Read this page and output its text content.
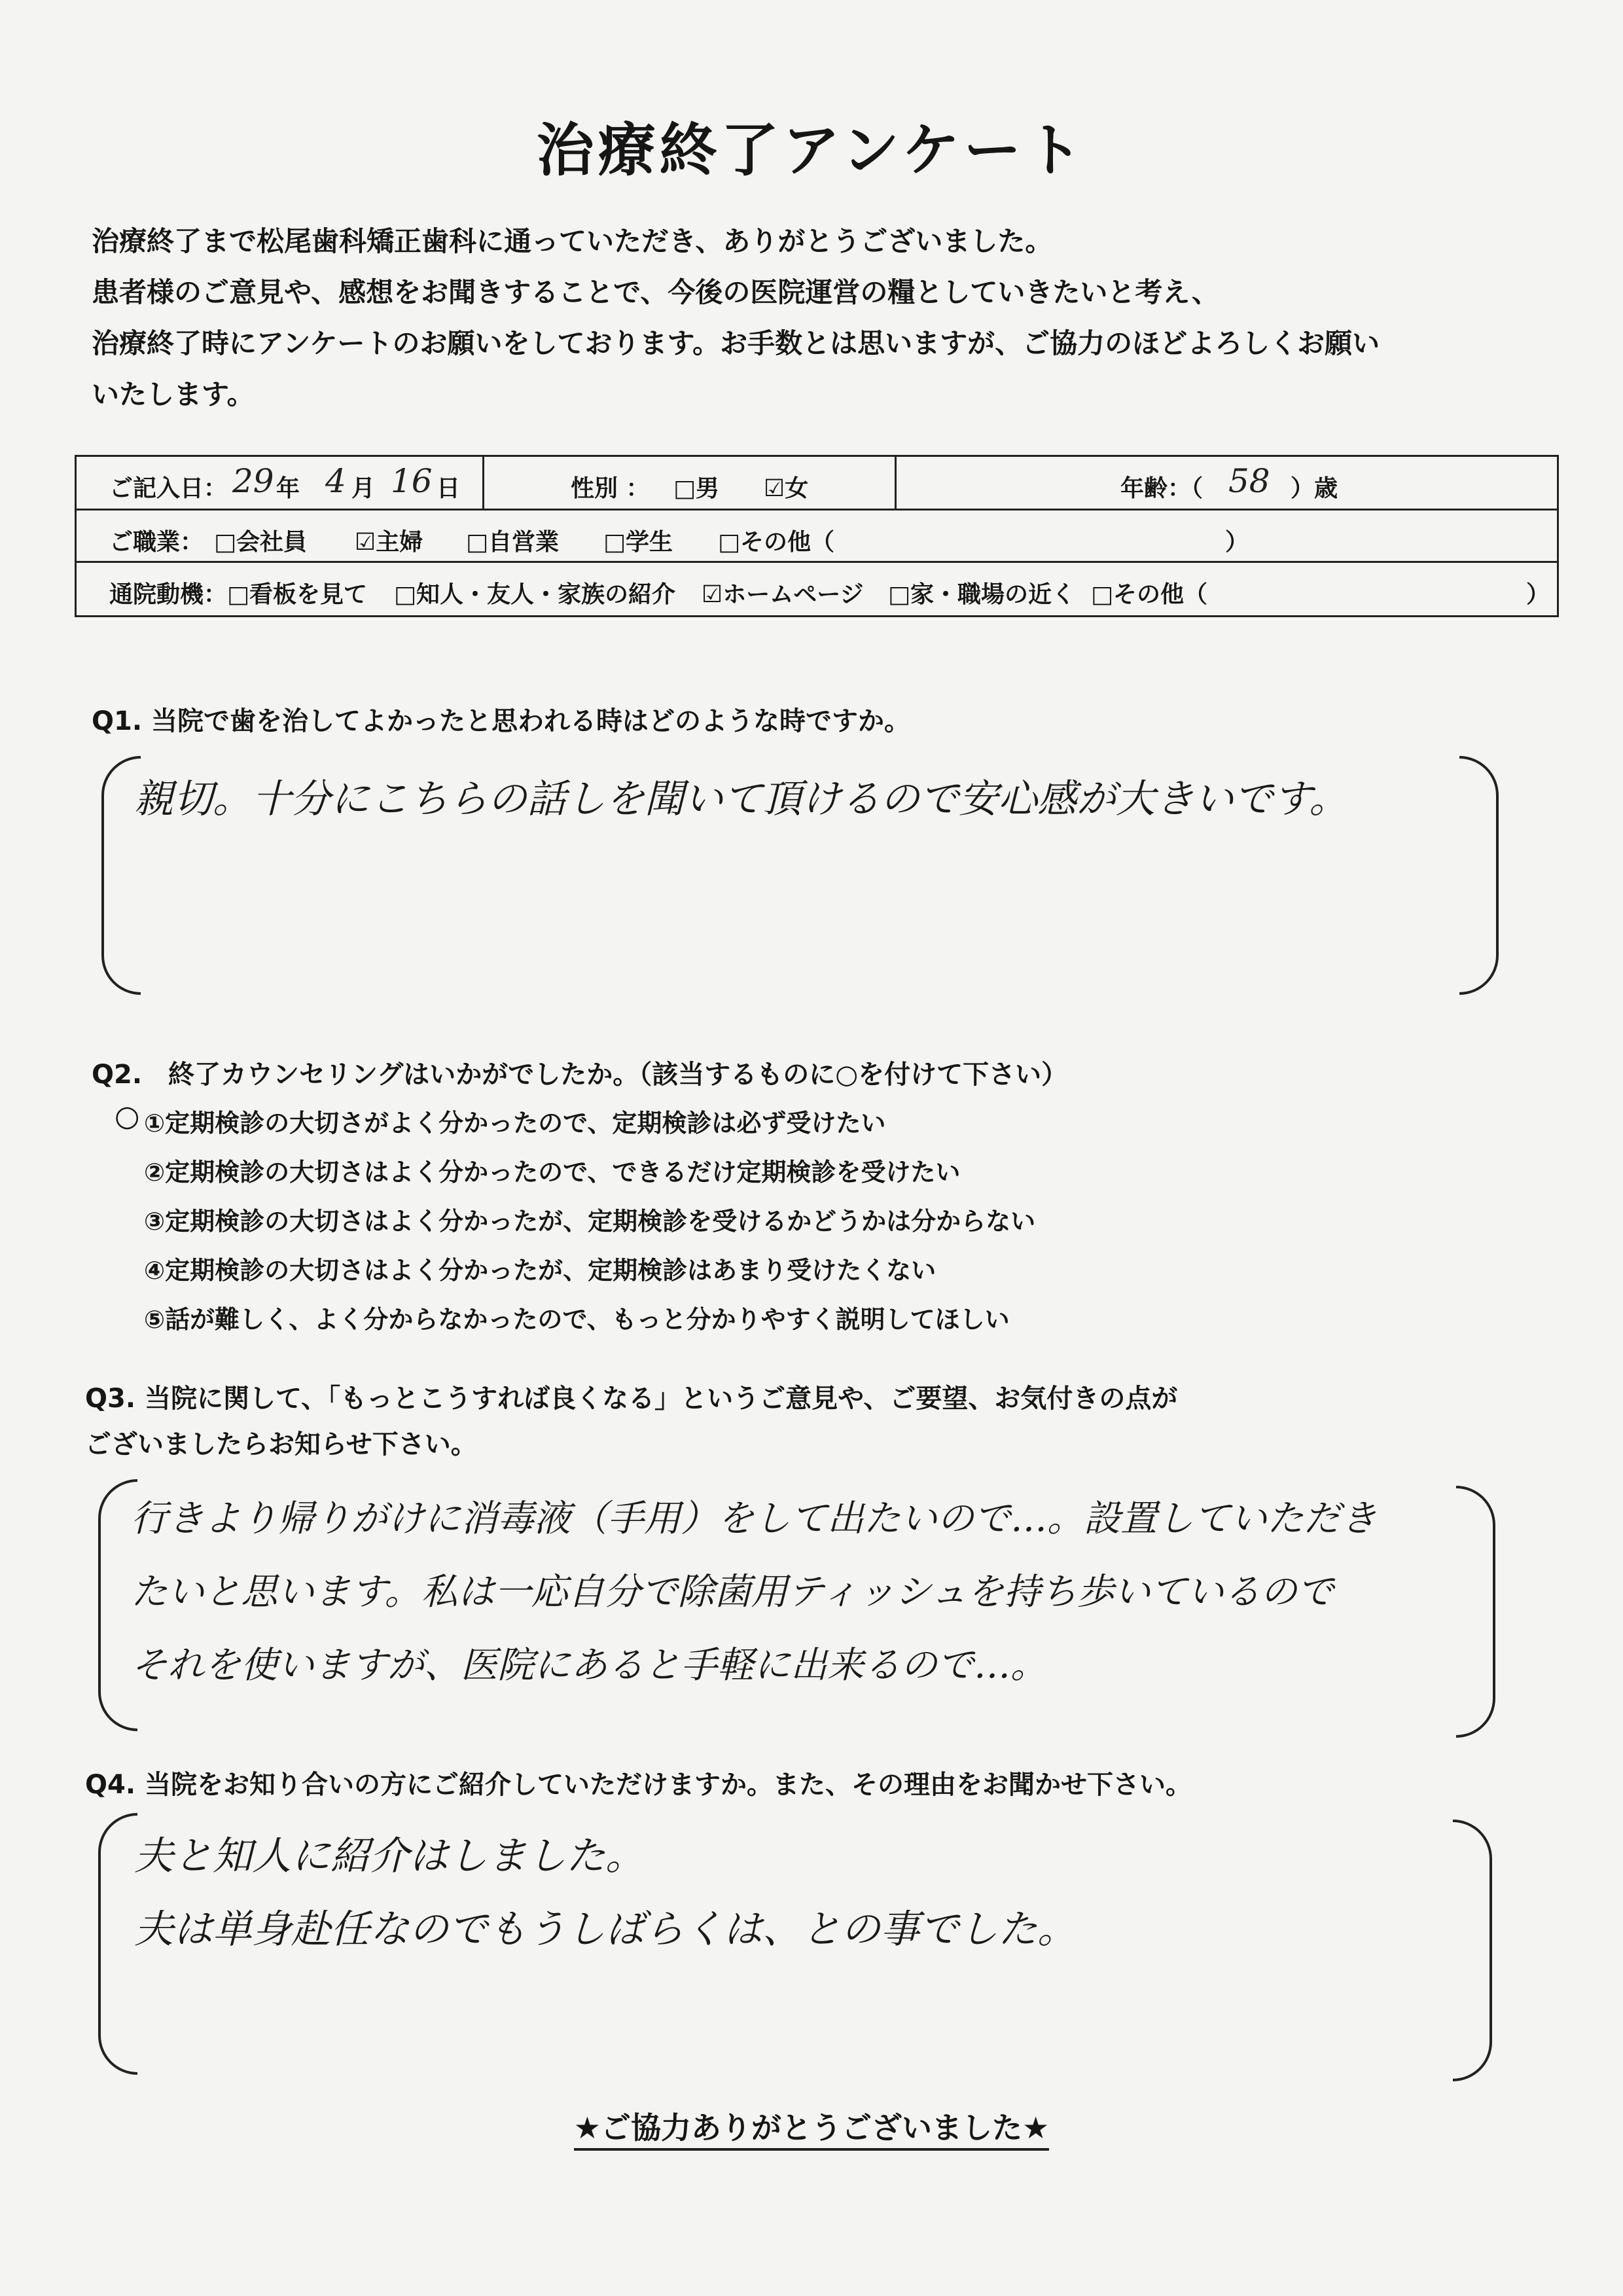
治療終了アンケート
治療終了まで松尾歯科矯正歯科に通っていただき、ありがとうございました。
患者様のご意見や、感想をお聞きすることで、今後の医院運営の糧としていきたいと考え、
治療終了時にアンケートのお願いをしております。お手数とは思いますが、ご協力のほどよろしくお願い
いたします。
ご記入日： 29 年 4 月 16 日	性別 ： □男 ☑女	年齢：（ 58 ）歳
ご職業： □会社員 ☑主婦 □自営業 □学生 □その他（	）
通院動機： □看板を見て □知人・友人・家族の紹介 ☑ホームページ □家・職場の近く □その他（	）
Q1. 当院で歯を治してよかったと思われる時はどのような時ですか。
親切。十分にこちらの話しを聞いて頂けるので安心感が大きいです。
Q2.　終了カウンセリングはいかがでしたか。（該当するものに○を付けて下さい）
○ ①定期検診の大切さがよく分かったので、定期検診は必ず受けたい
②定期検診の大切さはよく分かったので、できるだけ定期検診を受けたい
③定期検診の大切さはよく分かったが、定期検診を受けるかどうかは分からない
④定期検診の大切さはよく分かったが、定期検診はあまり受けたくない
⑤話が難しく、よく分からなかったので、もっと分かりやすく説明してほしい
Q3. 当院に関して、「もっとこうすれば良くなる」というご意見や、ご要望、お気付きの点が
ございましたらお知らせ下さい。
行きより帰りがけに消毒液（手用）をして出たいので…。設置していただき
たいと思います。私は一応自分で除菌用ティッシュを持ち歩いているので
それを使いますが、医院にあると手軽に出来るので…。
Q4. 当院をお知り合いの方にご紹介していただけますか。また、その理由をお聞かせ下さい。
夫と知人に紹介はしました。
夫は単身赴任なのでもうしばらくは、との事でした。
★ご協力ありがとうございました★
